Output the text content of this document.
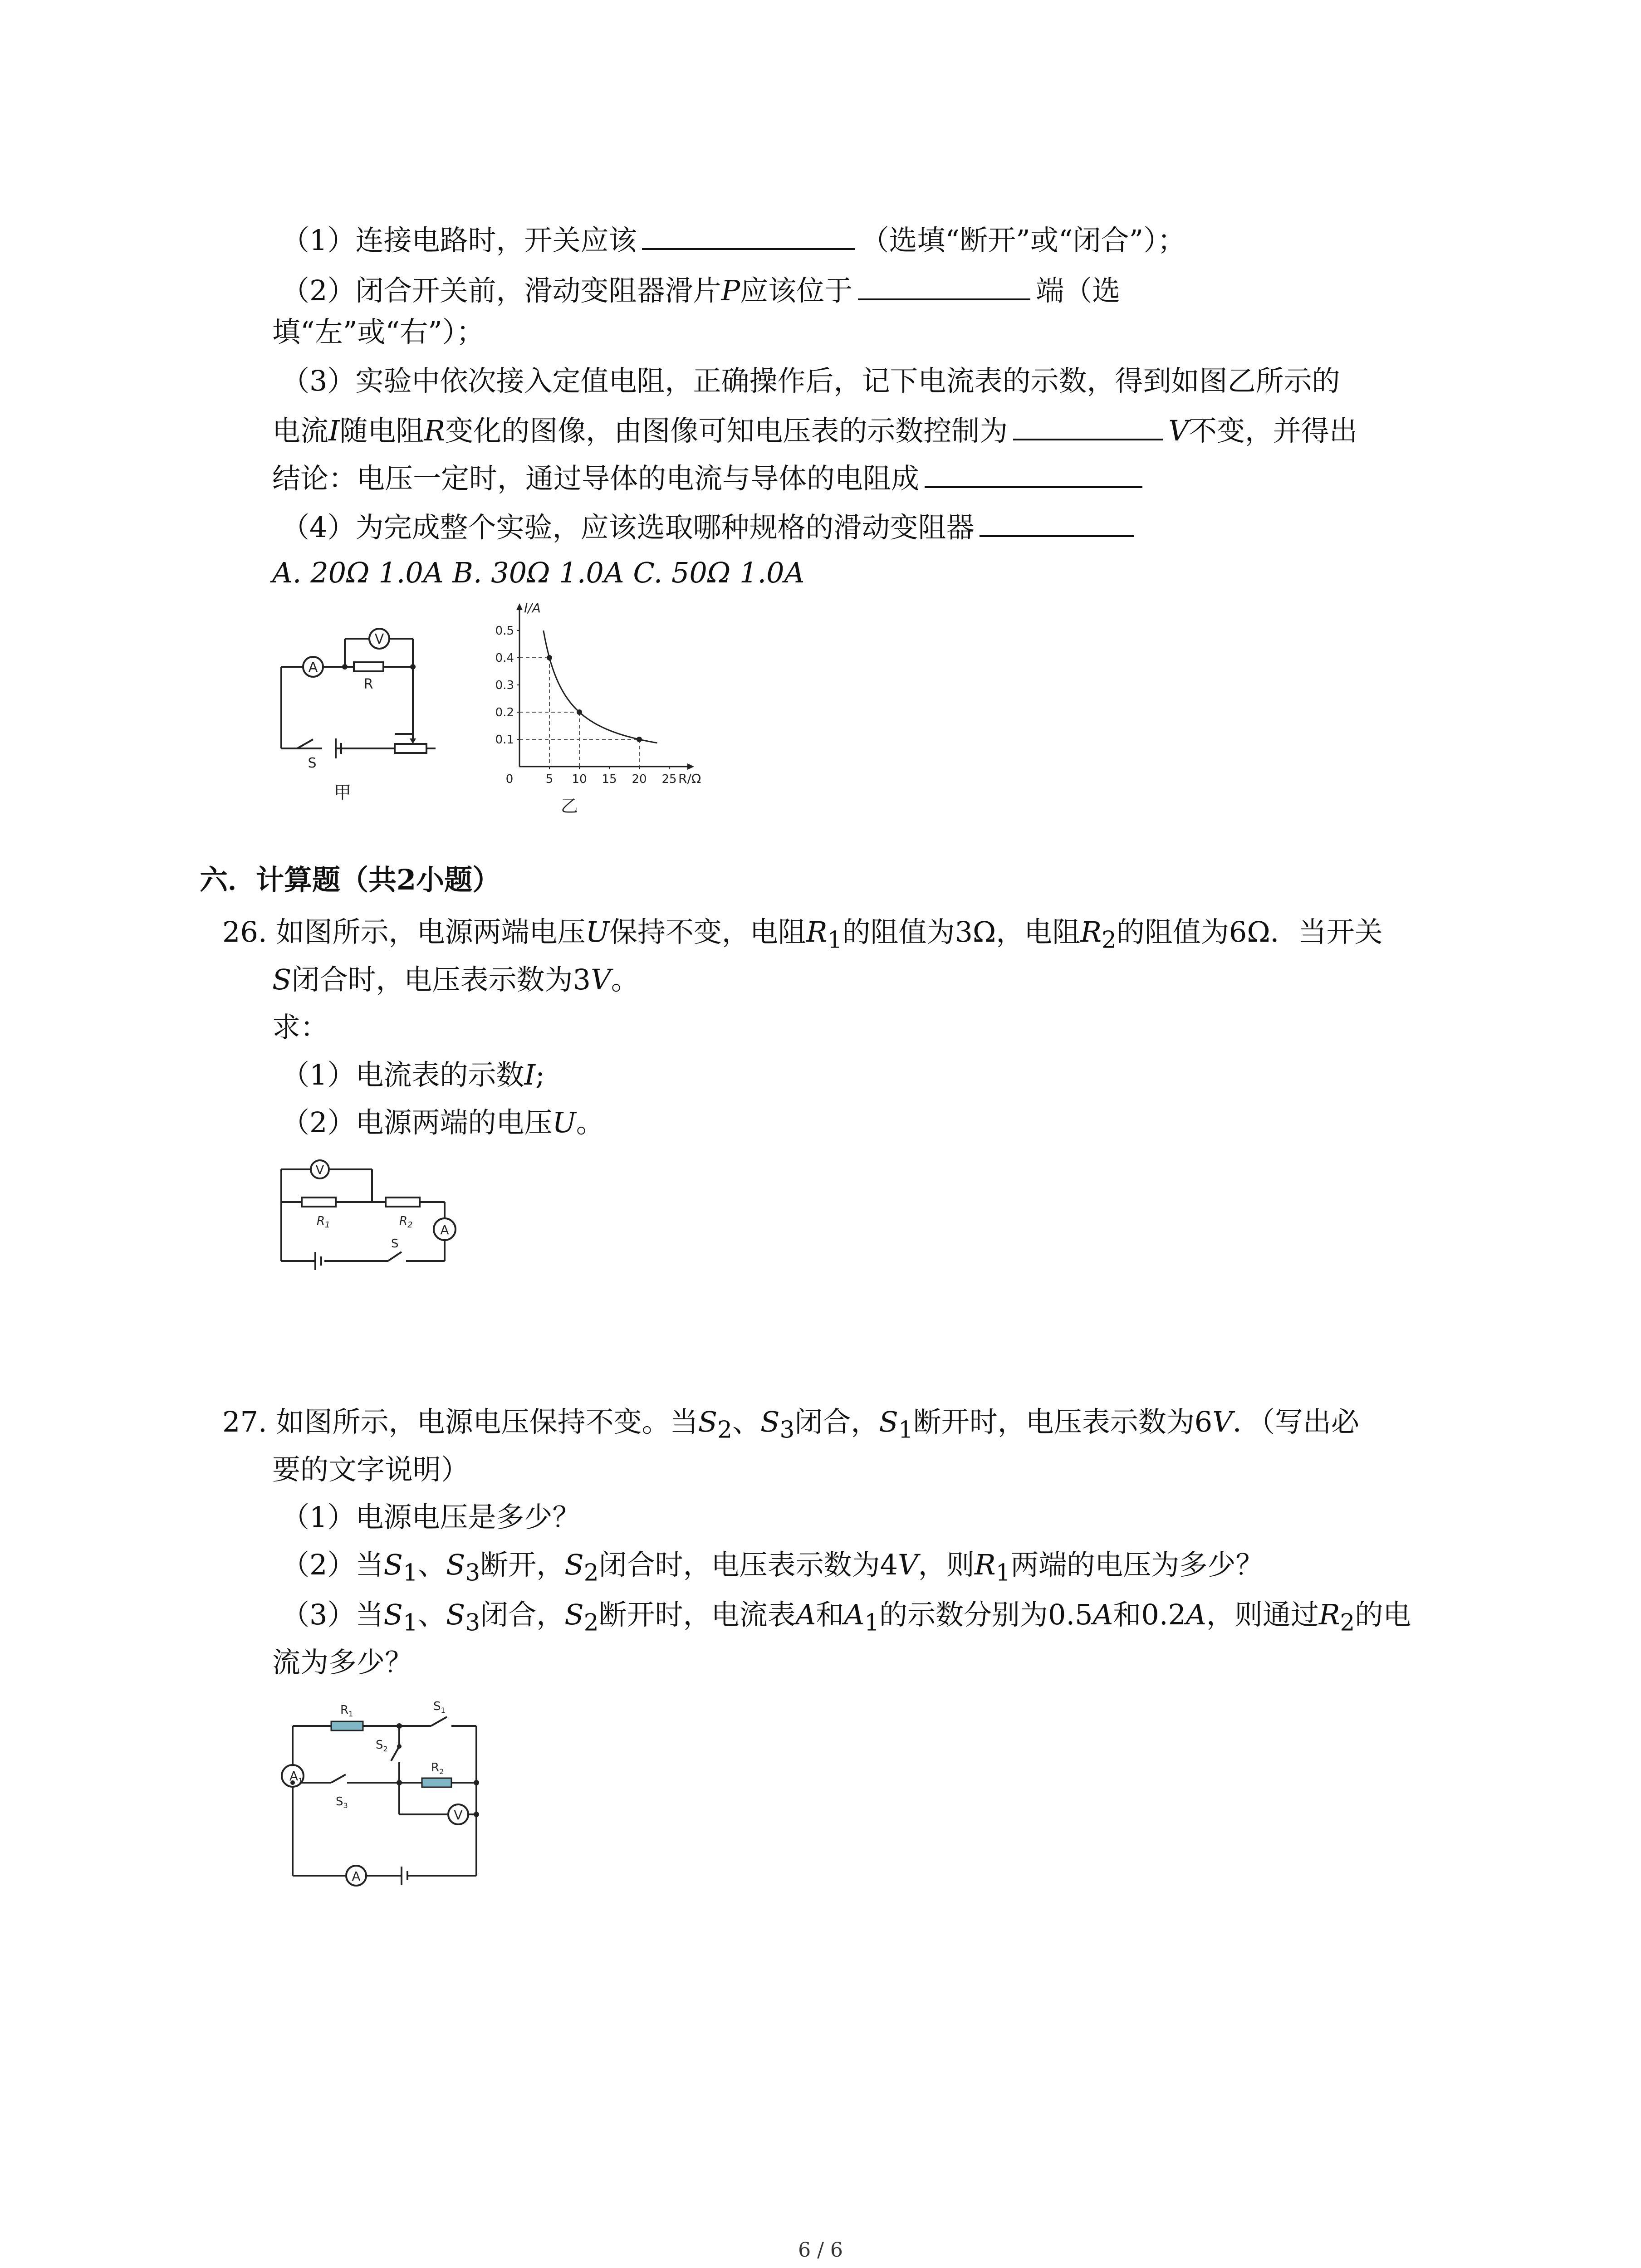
（1）连接电路时，开关应该	（选填“断开”或“闭合”）；
（2）闭合开关前，滑动变阻器滑片P应该位于	端（选
填“左”或“右”）；
（3）实验中依次接入定值电阻，正确操作后，记下电流表的示数，得到如图乙所示的
电流I随电阻R变化的图像，由图像可知电压表的示数控制为	V不变，并得出
结论：电压一定时，通过导体的电流与导体的电阻成
（4）为完成整个实验，应该选取哪种规格的滑动变阻器
A. 20Ω 1.0A B. 30Ω 1.0A C. 50Ω 1.0A
A
V
R
S
甲
0.1
0.2
0.3
0.4
0.5
0	5 10 15 20 25
I/A
R/Ω
乙
六．计算题（共2小题）
26. 如图所示，电源两端电压U保持不变，电阻$R_1$的阻值为3Ω，电阻$R_2$的阻值为6Ω．当开关
S闭合时，电压表示数为3V。
求：
（1）电流表的示数I;
（2）电源两端的电压U。
V
A
$R_1$	$R_2$
S
27. 如图所示，电源电压保持不变。当$S_2$、$S_3$闭合，$S_1$断开时，电压表示数为6V．（写出必
要的文字说明）
（1）电源电压是多少？
（2）当$S_1$、$S_3$断开，$S_2$闭合时，电压表示数为4V，则$R_1$两端的电压为多少？
（3）当$S_1$、$S_3$闭合，$S_2$断开时，电流表A和$A_1$的示数分别为0.5A和0.2A，则通过$R_2$的电
流为多少？
$A_1$
V
A
$R_1$
$R_2$
$S_1$
$S_2$
$S_3$
6 / 6
